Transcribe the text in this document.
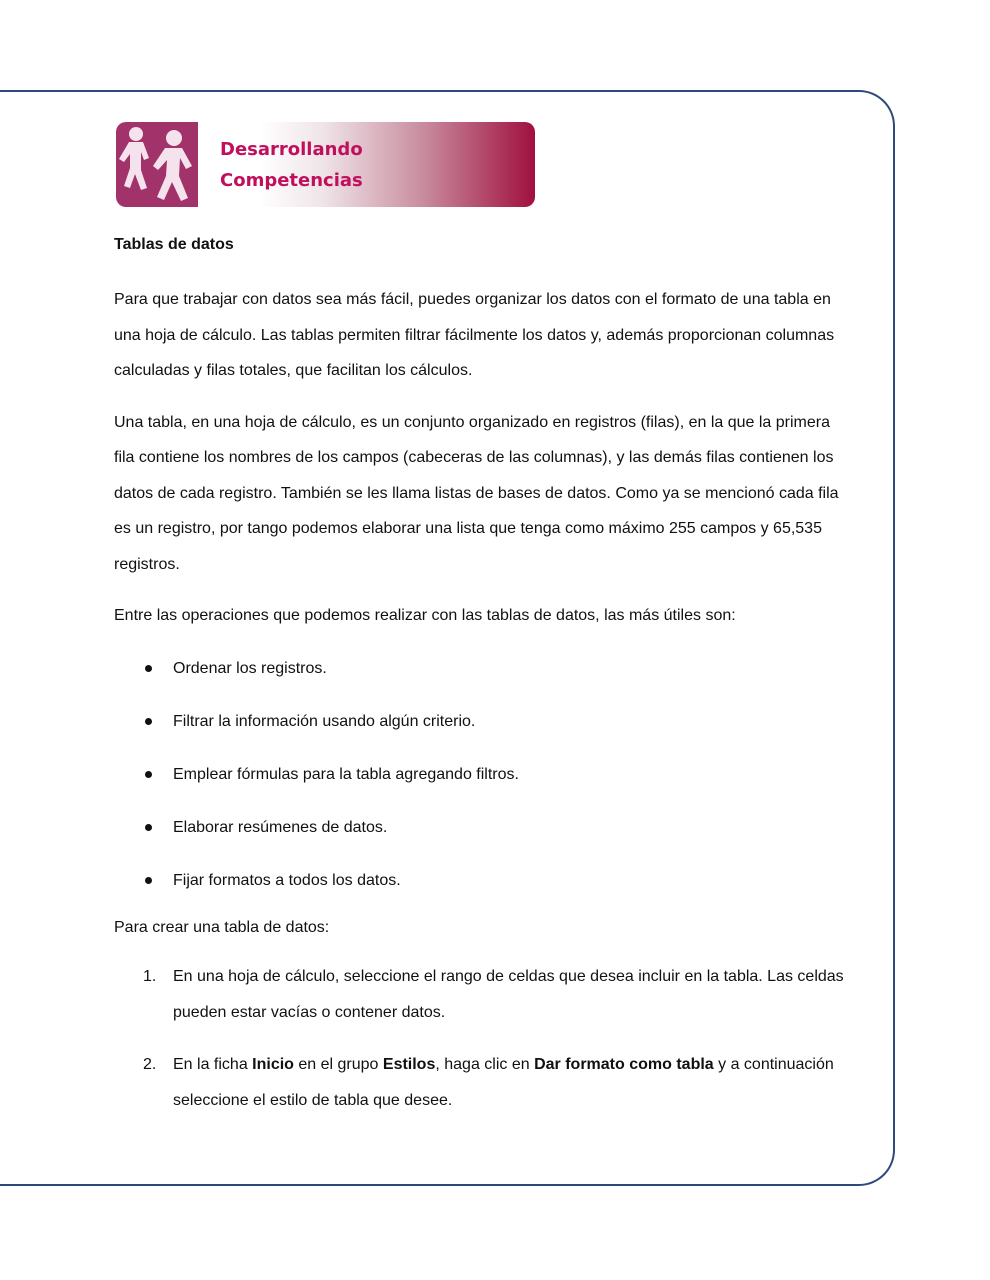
Desarrollando
Competencias
Tablas de datos

Para que trabajar con datos sea más fácil, puedes organizar los datos con el formato de una tabla en una hoja de cálculo. Las tablas permiten filtrar fácilmente los datos y, además proporcionan columnas calculadas y filas totales, que facilitan los cálculos.

Una tabla, en una hoja de cálculo, es un conjunto organizado en registros (filas), en la que la primera fila contiene los nombres de los campos (cabeceras de las columnas), y las demás filas contienen los datos de cada registro. También se les llama listas de bases de datos. Como ya se mencionó cada fila es un registro, por tango podemos elaborar una lista que tenga como máximo 255 campos y 65,535 registros.

Entre las operaciones que podemos realizar con las tablas de datos, las más útiles son:

Ordenar los registros.
Filtrar la información usando algún criterio.
Emplear fórmulas para la tabla agregando filtros.
Elaborar resúmenes de datos.
Fijar formatos a todos los datos.

Para crear una tabla de datos:

1. En una hoja de cálculo, seleccione el rango de celdas que desea incluir en la tabla. Las celdas pueden estar vacías o contener datos.
2. En la ficha Inicio en el grupo Estilos, haga clic en Dar formato como tabla y a continuación seleccione el estilo de tabla que desee.
